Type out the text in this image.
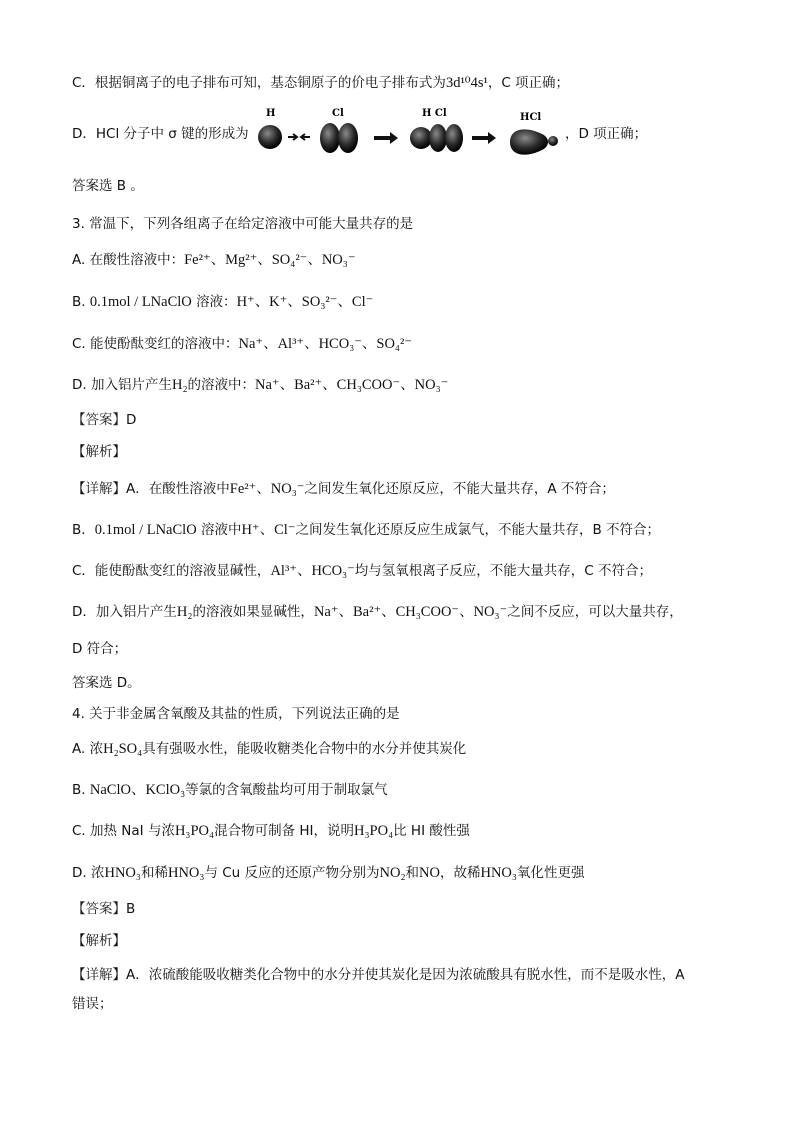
C．根据铜离子的电子排布可知，基态铜原子的价电子排布式为3d¹⁰4s¹，C 项正确；
D．HCl 分子中 σ 键的形成为
H	Cl	H Cl	HCl
，D 项正确；
答案选 B 。
3. 常温下，下列各组离子在给定溶液中可能大量共存的是
A. 在酸性溶液中：Fe²⁺、Mg²⁺、SO₄²⁻、NO₃⁻
B. 0.1mol / LNaClO 溶液：H⁺、K⁺、SO₃²⁻、Cl⁻
C. 能使酚酞变红的溶液中：Na⁺、Al³⁺、HCO₃⁻、SO₄²⁻
D. 加入铝片产生H₂的溶液中：Na⁺、Ba²⁺、CH₃COO⁻、NO₃⁻
【答案】D
【解析】
【详解】A．在酸性溶液中Fe²⁺、NO₃⁻之间发生氧化还原反应，不能大量共存，A 不符合；
B．0.1mol / LNaClO 溶液中H⁺、Cl⁻之间发生氧化还原反应生成氯气，不能大量共存，B 不符合；
C．能使酚酞变红的溶液显碱性，Al³⁺、HCO₃⁻均与氢氧根离子反应，不能大量共存，C 不符合；
D．加入铝片产生H₂的溶液如果显碱性，Na⁺、Ba²⁺、CH₃COO⁻、NO₃⁻之间不反应，可以大量共存，
D 符合；
答案选 D。
4. 关于非金属含氧酸及其盐的性质，下列说法正确的是
A. 浓H₂SO₄具有强吸水性，能吸收糖类化合物中的水分并使其炭化
B. NaClO、KClO₃等氯的含氧酸盐均可用于制取氯气
C. 加热 NaI 与浓H₃PO₄混合物可制备 HI，说明H₃PO₄比 HI 酸性强
D. 浓HNO₃和稀HNO₃与 Cu 反应的还原产物分别为NO₂和NO，故稀HNO₃氧化性更强
【答案】B
【解析】
【详解】A．浓硫酸能吸收糖类化合物中的水分并使其炭化是因为浓硫酸具有脱水性，而不是吸水性，A
错误；
